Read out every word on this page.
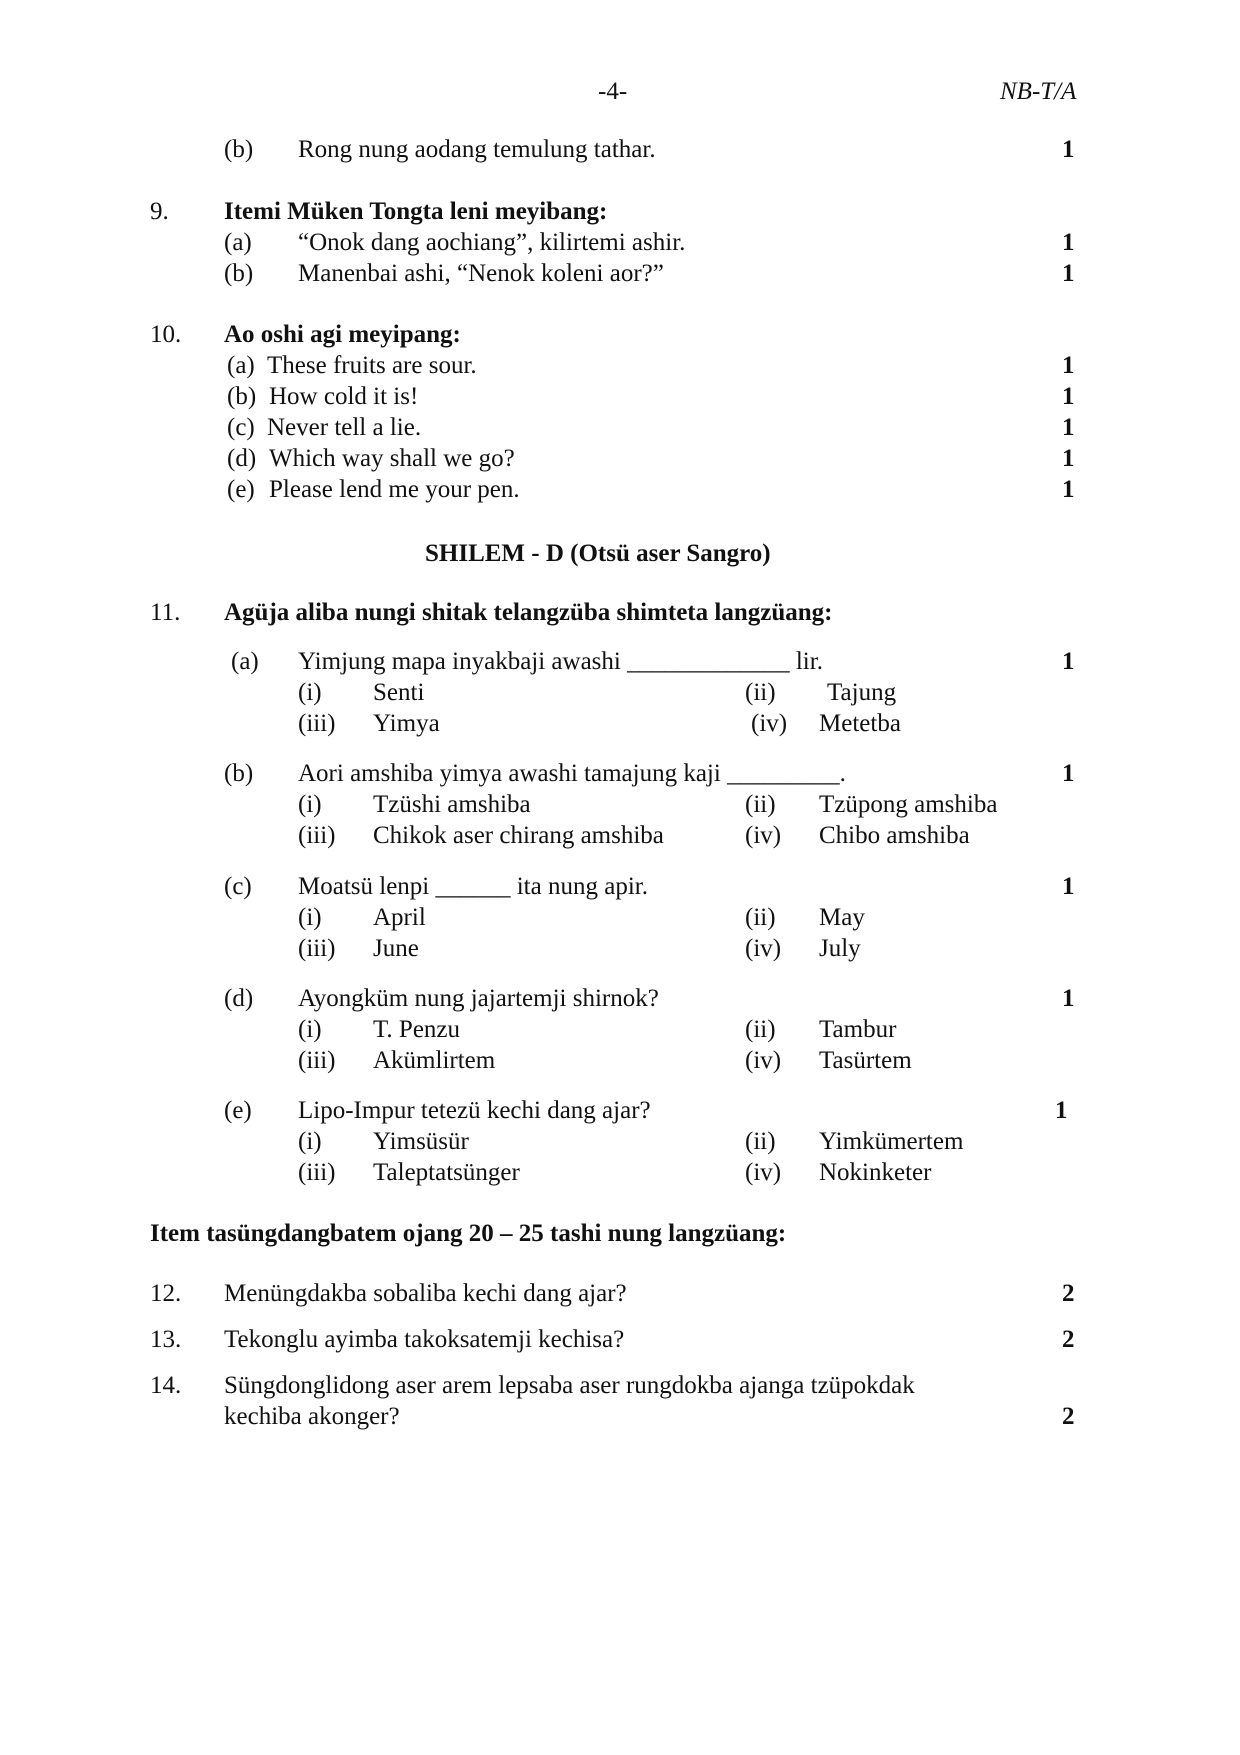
-4-	NB-T/A
(b) Rong nung aodang temulung tathar.	1
9. Itemi Müken Tongta leni meyibang:
(a) “Onok dang aochiang”, kilirtemi ashir.	1
(b) Manenbai ashi, “Nenok koleni aor?”	1
10. Ao oshi agi meyipang:
(a) These fruits are sour.	1
(b) How cold it is!	1
(c) Never tell a lie.	1
(d) Which way shall we go?	1
(e) Please lend me your pen.	1
SHILEM - D (Otsü aser Sangro)
11. Agüja aliba nungi shitak telangzüba shimteta langzüang:
(a) Yimjung mapa inyakbaji awashi _____________ lir.	1
(i) Senti	(ii) Tajung
(iii) Yimya	(iv) Metetba
(b) Aori amshiba yimya awashi tamajung kaji _________.	1
(i) Tzüshi amshiba	(ii) Tzüpong amshiba
(iii) Chikok aser chirang amshiba	(iv) Chibo amshiba
(c) Moatsü lenpi ______ ita nung apir.	1
(i) April	(ii) May
(iii) June	(iv) July
(d) Ayongküm nung jajartemji shirnok?	1
(i) T. Penzu	(ii) Tambur
(iii) Akümlirtem	(iv) Tasürtem
(e) Lipo-Impur tetezü kechi dang ajar?	1
(i) Yimsüsür	(ii) Yimkümertem
(iii) Taleptatsünger	(iv) Nokinketer
Item tasüngdangbatem ojang 20 – 25 tashi nung langzüang:
12. Menüngdakba sobaliba kechi dang ajar?	2
13. Tekonglu ayimba takoksatemji kechisa?	2
14. Süngdonglidong aser arem lepsaba aser rungdokba ajanga tzüpokdak
kechiba akonger?	2
